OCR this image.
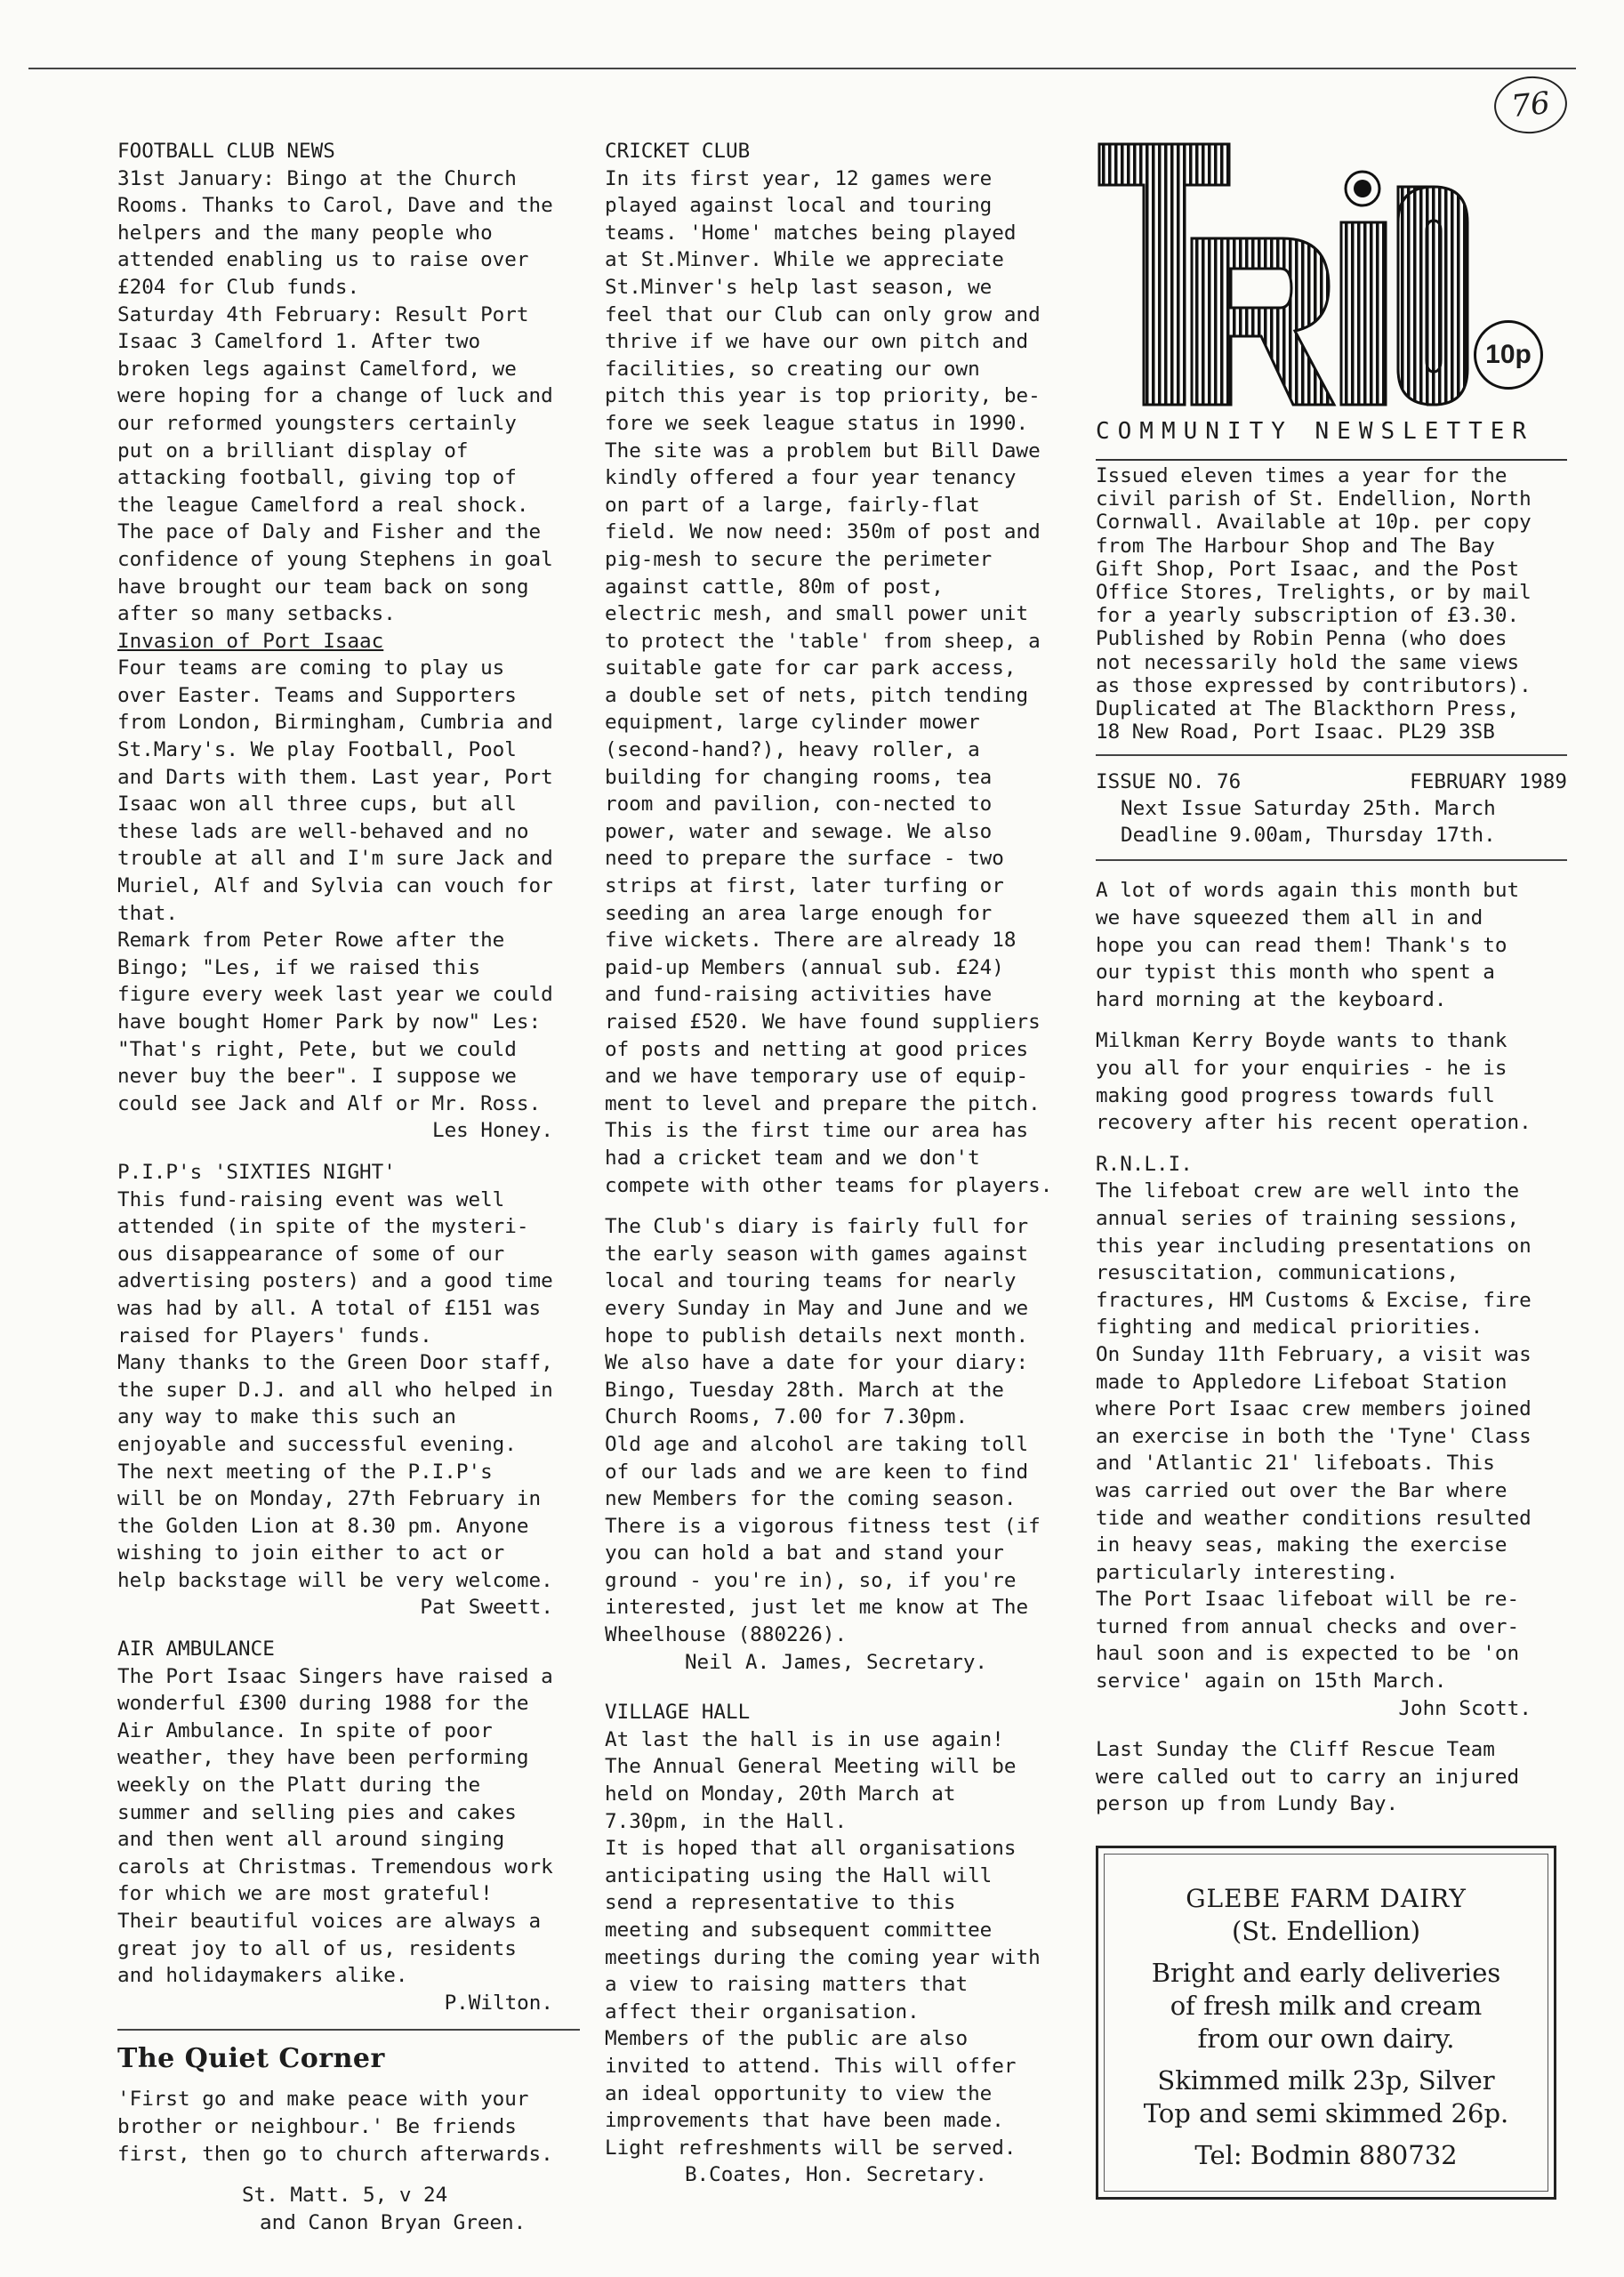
FOOTBALL CLUB NEWS

31st January: Bingo at the Church
Rooms. Thanks to Carol, Dave and the
helpers and the many people who
attended enabling us to raise over
£204 for Club funds.

Saturday 4th February: Result Port
Isaac 3 Camelford 1. After two
broken legs against Camelford, we
were hoping for a change of luck and
our reformed youngsters certainly
put on a brilliant display of
attacking football, giving top of
the league Camelford a real shock.
The pace of Daly and Fisher and the
confidence of young Stephens in goal
have brought our team back on song
after so many setbacks.

Invasion of Port Isaac

Four teams are coming to play us
over Easter. Teams and Supporters
from London, Birmingham, Cumbria and
St.Mary's. We play Football, Pool
and Darts with them. Last year, Port
Isaac won all three cups, but all
these lads are well-behaved and no
trouble at all and I'm sure Jack and
Muriel, Alf and Sylvia can vouch for
that.

Remark from Peter Rowe after the
Bingo; "Les, if we raised this
figure every week last year we could
have bought Homer Park by now" Les:
"That's right, Pete, but we could
never buy the beer". I suppose we
could see Jack and Alf or Mr. Ross.

Les Honey.

P.I.P's 'SIXTIES NIGHT'

This fund-raising event was well
attended (in spite of the mysteri-
ous disappearance of some of our
advertising posters) and a good time
was had by all. A total of £151 was
raised for Players' funds.

Many thanks to the Green Door staff,
the super D.J. and all who helped in
any way to make this such an
enjoyable and successful evening.

The next meeting of the P.I.P's
will be on Monday, 27th February in
the Golden Lion at 8.30 pm. Anyone
wishing to join either to act or
help backstage will be very welcome.

Pat Sweett.

AIR AMBULANCE

The Port Isaac Singers have raised a
wonderful £300 during 1988 for the
Air Ambulance. In spite of poor
weather, they have been performing
weekly on the Platt during the
summer and selling pies and cakes
and then went all around singing
carols at Christmas. Tremendous work
for which we are most grateful!
Their beautiful voices are always a
great joy to all of us, residents
and holidaymakers alike.

P.Wilton.

The Quiet Corner

'First go and make peace with your
brother or neighbour.' Be friends
first, then go to church afterwards.

St. Matt. 5, v 24

and Canon Bryan Green.

CRICKET CLUB

In its first year, 12 games were
played against local and touring
teams. 'Home' matches being played
at St.Minver. While we appreciate
St.Minver's help last season, we
feel that our Club can only grow and
thrive if we have our own pitch and
facilities, so creating our own
pitch this year is top priority, be-
fore we seek league status in 1990.
The site was a problem but Bill Dawe
kindly offered a four year tenancy
on part of a large, fairly-flat
field. We now need: 350m of post and
pig-mesh to secure the perimeter
against cattle, 80m of post,
electric mesh, and small power unit
to protect the 'table' from sheep, a
suitable gate for car park access,
a double set of nets, pitch tending
equipment, large cylinder mower
(second-hand?), heavy roller, a
building for changing rooms, tea
room and pavilion, con-nected to
power, water and sewage. We also
need to prepare the surface - two
strips at first, later turfing or
seeding an area large enough for
five wickets. There are already 18
paid-up Members (annual sub. £24)
and fund-raising activities have
raised £520. We have found suppliers
of posts and netting at good prices
and we have temporary use of equip-
ment to level and prepare the pitch.
This is the first time our area has
had a cricket team and we don't
compete with other teams for players.

The Club's diary is fairly full for
the early season with games against
local and touring teams for nearly
every Sunday in May and June and we
hope to publish details next month.
We also have a date for your diary:
Bingo, Tuesday 28th. March at the
Church Rooms, 7.00 for 7.30pm.
Old age and alcohol are taking toll
of our lads and we are keen to find
new Members for the coming season.
There is a vigorous fitness test (if
you can hold a bat and stand your
ground - you're in), so, if you're
interested, just let me know at The
Wheelhouse (880226).

Neil A. James, Secretary.

VILLAGE HALL

At last the hall is in use again!
The Annual General Meeting will be
held on Monday, 20th March at
7.30pm, in the Hall.
It is hoped that all organisations
anticipating using the Hall will
send a representative to this
meeting and subsequent committee
meetings during the coming year with
a view to raising matters that
affect their organisation.
Members of the public are also
invited to attend. This will offer
an ideal opportunity to view the
improvements that have been made.
Light refreshments will be served.

B.Coates, Hon. Secretary.

76
10p
COMMUNITY NEWSLETTER

Issued eleven times a year for the
civil parish of St. Endellion, North
Cornwall. Available at 10p. per copy
from The Harbour Shop and The Bay
Gift Shop, Port Isaac, and the Post
Office Stores, Trelights, or by mail
for a yearly subscription of £3.30.
Published by Robin Penna (who does
not necessarily hold the same views
as those expressed by contributors).
Duplicated at The Blackthorn Press,
18 New Road, Port Isaac. PL29 3SB

ISSUE NO. 76	FEBRUARY 1989
Next Issue Saturday 25th. March
Deadline 9.00am, Thursday 17th.

A lot of words again this month but
we have squeezed them all in and
hope you can read them! Thank's to
our typist this month who spent a
hard morning at the keyboard.

Milkman Kerry Boyde wants to thank
you all for your enquiries - he is
making good progress towards full
recovery after his recent operation.

R.N.L.I.

The lifeboat crew are well into the
annual series of training sessions,
this year including presentations on
resuscitation, communications,
fractures, HM Customs & Excise, fire
fighting and medical priorities.
On Sunday 11th February, a visit was
made to Appledore Lifeboat Station
where Port Isaac crew members joined
an exercise in both the 'Tyne' Class
and 'Atlantic 21' lifeboats. This
was carried out over the Bar where
tide and weather conditions resulted
in heavy seas, making the exercise
particularly interesting.
The Port Isaac lifeboat will be re-
turned from annual checks and over-
haul soon and is expected to be 'on
service' again on 15th March.

John Scott.

Last Sunday the Cliff Rescue Team
were called out to carry an injured
person up from Lundy Bay.

GLEBE FARM DAIRY
(St. Endellion)
Bright and early deliveries
of fresh milk and cream
from our own dairy.
Skimmed milk 23p, Silver
Top and semi skimmed 26p.
Tel: Bodmin 880732
